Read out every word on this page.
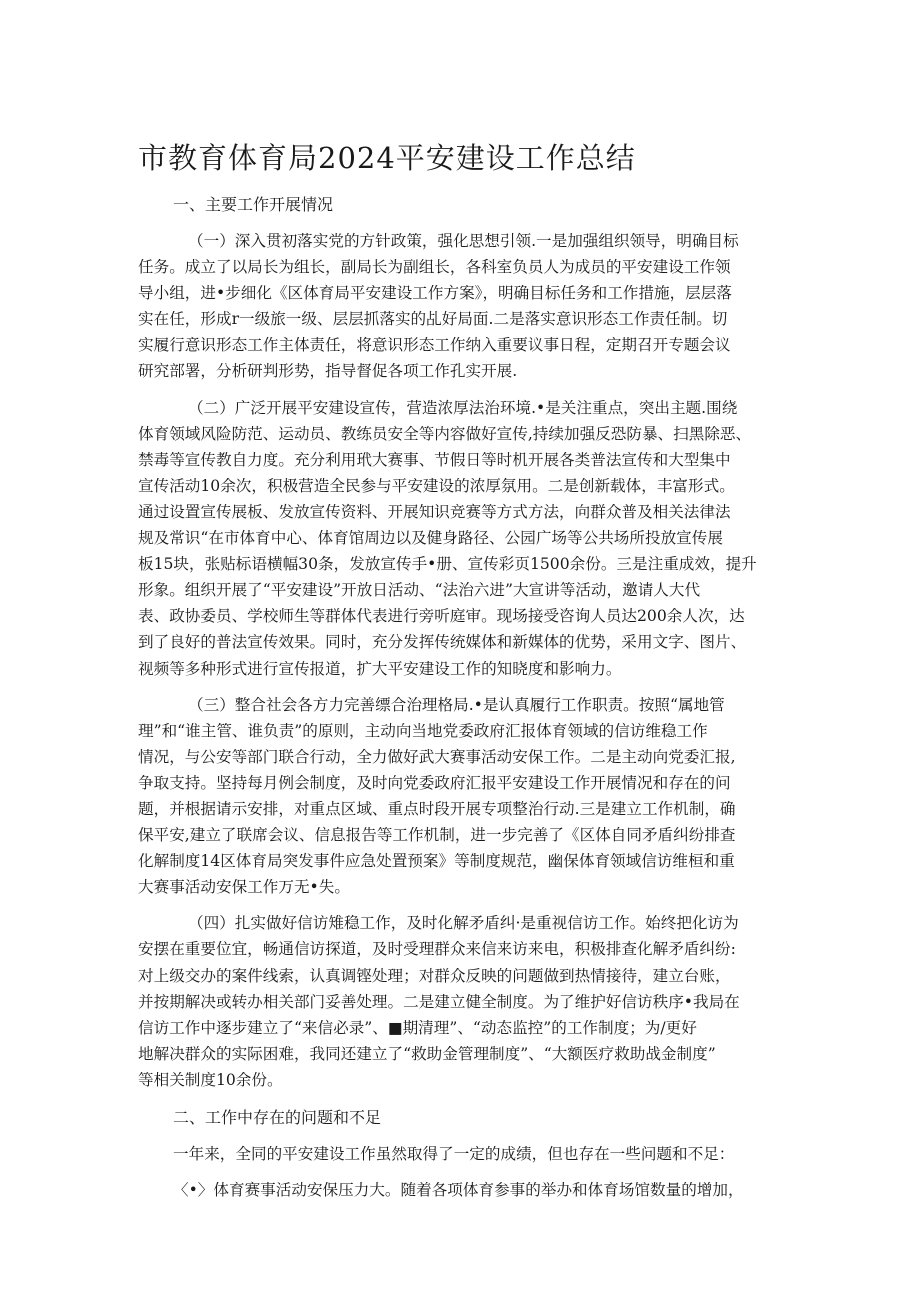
市教育体育局2024平安建设工作总结
一、主要工作开展情况
（一）深入贯初落实党的方针政策，强化思想引领.一是加强组织领导，明确目标
任务。成立了以局长为组长，副局长为副组长，各科室负员人为成员的平安建设工作领
导小组，进•步细化《区体育局平安建设工作方案》，明确目标任务和工作措施，层层落
实在任，形成r一级旅一级、层层抓落实的乩好局面.二是落实意识形态工作责任制。切
实履行意识形态工作主体责任，将意识形态工作纳入重要议事日程，定期召开专题会议
研究部署，分析研判形势，指导督促各项工作孔实开展.
（二）广泛开展平安建设宣传，营造浓厚法治环境.•是关注重点，突出主题.围绕
体育领域风险防范、运动员、教练员安全等内容做好宣传,持续加强反恐防暴、扫黑除恶、
禁毒等宣传教自力度。充分利用玳大赛事、节假日等时机开展各类普法宣传和大型集中
宣传活动10余次，积极营造全民参与平安建设的浓厚氛用。二是创新载体，丰富形式。
通过设置宣传展板、发放宣传资料、开展知识竞赛等方式方法，向群众普及相关法律法
规及常识“在市体育中心、体育馆周边以及健身路径、公园广场等公共场所投放宣传展
板15块，张贴标语横幅30条，发放宣传手•册、宣传彩页1500余份。三是注重成效，提升
形象。组织开展了“平安建设”开放日活动、“法治六进”大宣讲等活动，邀请人大代
表、政协委员、学校师生等群体代表进行旁听庭审。现场接受咨询人员达200余人次，达
到了良好的普法宣传效果。同时，充分发挥传统媒体和新媒体的优势，采用文字、图片、
视频等多种形式进行宣传报道，扩大平安建设工作的知晓度和影响力。
（三）整合社会各方力完善缥合治理格局.•是认真履行工作职责。按照“属地管
理”和“谁主管、谁负责”的原则，主动向当地党委政府汇报体育领域的信访维稳工作
情况，与公安等部门联合行动，全力做好武大赛事活动安保工作。二是主动向党委汇报,
争取支持。坚持每月例会制度，及时向党委政府汇报平安建设工作开展情况和存在的问
题，并根据请示安排，对重点区域、重点时段开展专项整治行动.三是建立工作机制，确
保平安,建立了联席会议、信息报告等工作机制，进一步完善了《区体自同矛盾纠纷排查
化解制度14区体育局突发事件应急处置预案》等制度规范，幽保体育领域信访维桓和重
大赛事活动安保工作万无•失。
（四）扎实做好信访雉稳工作，及时化解矛盾纠·是重视信访工作。始终把化访为
安摆在重要位宜，畅通信访探道，及时受理群众来信来访来电，积极排查化解矛盾纠纷:
对上级交办的案件线索，认真调铿处理；对群众反映的问题做到热情接待，建立台账，
并按期解决或转办相关部门妥善处理。二是建立健全制度。为了维护好信访秩序•我局在
信访工作中逐步建立了“来信必录”、■期清理”、“动态监控”的工作制度；为/更好
地解决群众的实际困难，我同还建立了“救助金管理制度”、“大额医疗救助战金制度”
等相关制度10余份。
二、工作中存在的问题和不足
一年来，全同的平安建设工作虽然取得了一定的成绩，但也存在一些问题和不足：
〈•〉体育赛事活动安保压力大。随着各项体育参事的举办和体育场馆数量的增加，
